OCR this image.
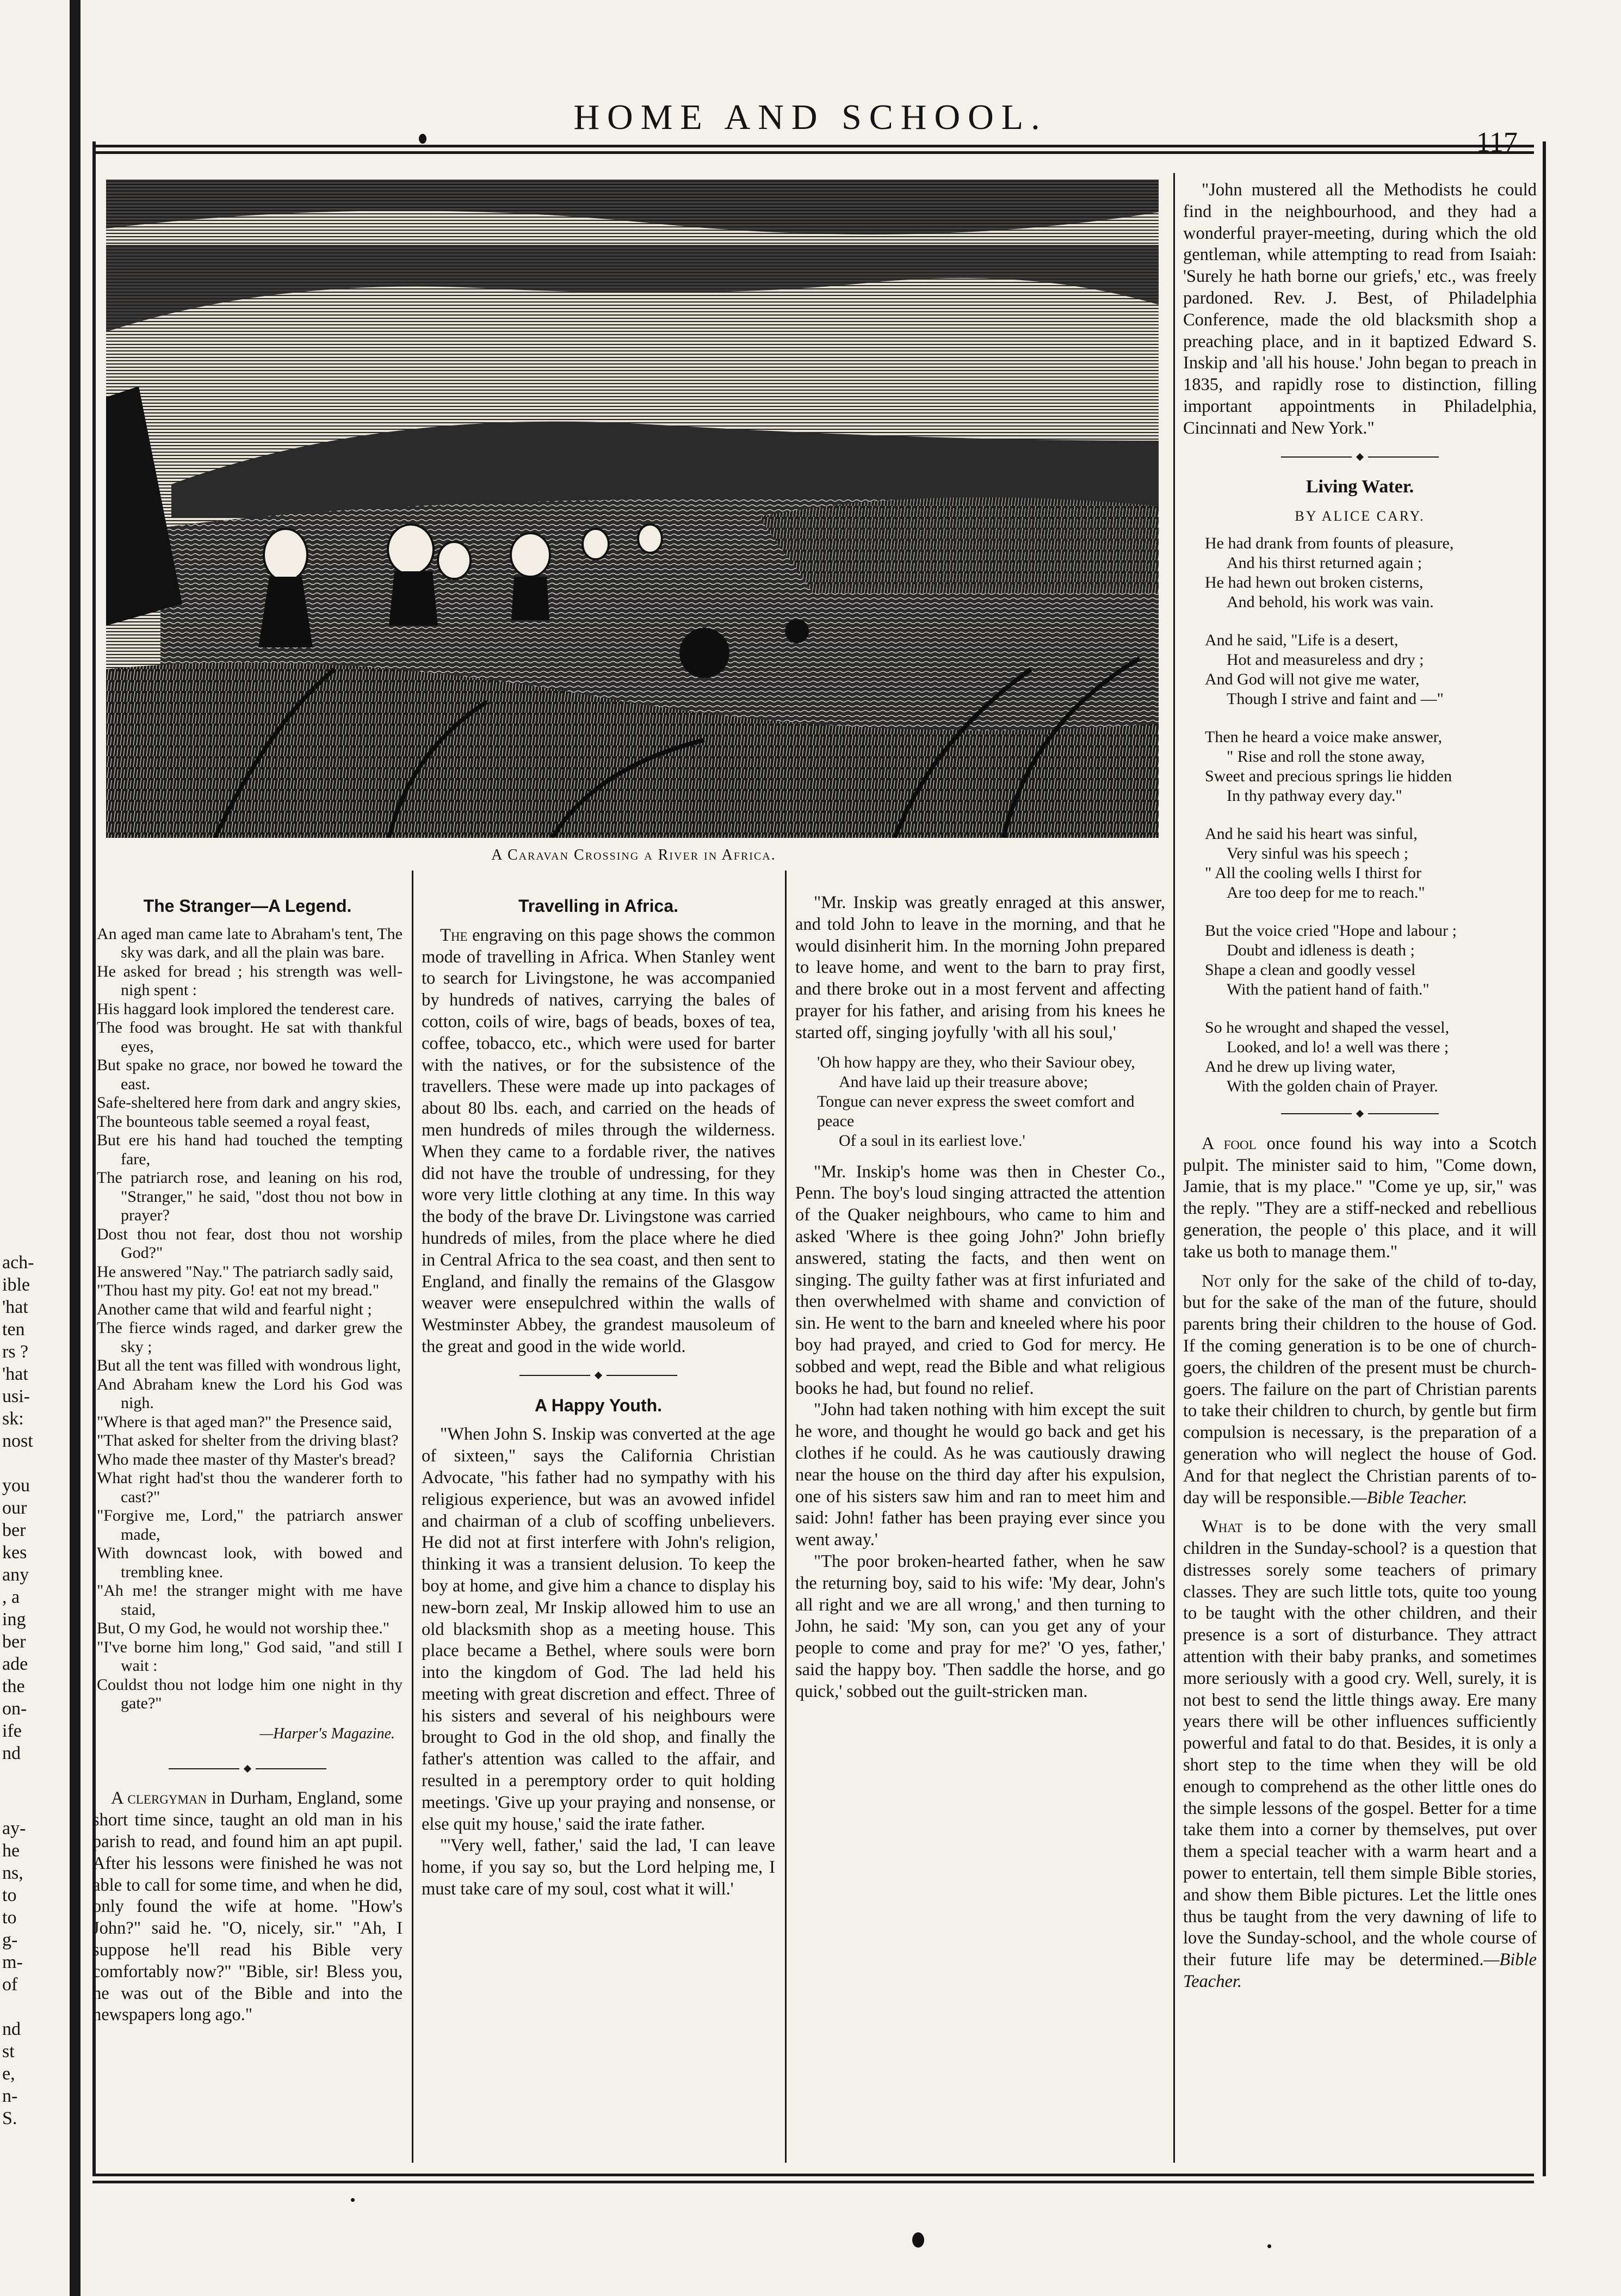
ach-
ible
'hat
ten
rs ?
'hat
usi-
sk:
nost

you
our
ber
kes
any
, a
ing
ber
ade
the
on-
ife
nd
ay-
he
ns,
to
to
g-
m-
of

nd
st
e,
n-
S.
HOME AND SCHOOL.
117
A Caravan Crossing a River in Africa.
The Stranger—A Legend.

An aged man came late to Abraham's tent, The sky was dark, and all the plain was bare.

He asked for bread ; his strength was well-nigh spent :

His haggard look implored the tenderest care.

The food was brought. He sat with thankful eyes,

But spake no grace, nor bowed he toward the east.

Safe-sheltered here from dark and angry skies,

The bounteous table seemed a royal feast,

But ere his hand had touched the tempting fare,

The patriarch rose, and leaning on his rod, "Stranger," he said, "dost thou not bow in prayer?

Dost thou not fear, dost thou not worship God?"

He answered "Nay." The patriarch sadly said,

"Thou hast my pity. Go! eat not my bread."

Another came that wild and fearful night ;

The fierce winds raged, and darker grew the sky ;

But all the tent was filled with wondrous light,

And Abraham knew the Lord his God was nigh.

"Where is that aged man?" the Presence said,

"That asked for shelter from the driving blast?

Who made thee master of thy Master's bread?

What right had'st thou the wanderer forth to cast?"

"Forgive me, Lord," the patriarch answer made,

With downcast look, with bowed and trembling knee.

"Ah me! the stranger might with me have staid,

But, O my God, he would not worship thee."

"I've borne him long," God said, "and still I wait :

Couldst thou not lodge him one night in thy gate?"

—Harper's Magazine.

A clergyman in Durham, England, some short time since, taught an old man in his parish to read, and found him an apt pupil. After his lessons were finished he was not able to call for some time, and when he did, only found the wife at home. "How's John?" said he. "O, nicely, sir." "Ah, I suppose he'll read his Bible very comfortably now?" "Bible, sir! Bless you, he was out of the Bible and into the newspapers long ago."

Travelling in Africa.

The engraving on this page shows the common mode of travelling in Africa. When Stanley went to search for Livingstone, he was accompanied by hundreds of natives, carrying the bales of cotton, coils of wire, bags of beads, boxes of tea, coffee, tobacco, etc., which were used for barter with the natives, or for the subsistence of the travellers. These were made up into packages of about 80 lbs. each, and carried on the heads of men hundreds of miles through the wilderness. When they came to a fordable river, the natives did not have the trouble of undressing, for they wore very little clothing at any time. In this way the body of the brave Dr. Livingstone was carried hundreds of miles, from the place where he died in Central Africa to the sea coast, and then sent to England, and finally the remains of the Glasgow weaver were ensepulchred within the walls of Westminster Abbey, the grandest mausoleum of the great and good in the wide world.

A Happy Youth.

"When John S. Inskip was converted at the age of sixteen," says the California Christian Advocate, "his father had no sympathy with his religious experience, but was an avowed infidel and chairman of a club of scoffing unbelievers. He did not at first interfere with John's religion, thinking it was a transient delusion. To keep the boy at home, and give him a chance to display his new-born zeal, Mr Inskip allowed him to use an old blacksmith shop as a meeting house. This place became a Bethel, where souls were born into the kingdom of God. The lad held his meeting with great discretion and effect. Three of his sisters and several of his neighbours were brought to God in the old shop, and finally the father's attention was called to the affair, and resulted in a peremptory order to quit holding meetings. 'Give up your praying and nonsense, or else quit my house,' said the irate father.

"'Very well, father,' said the lad, 'I can leave home, if you say so, but the Lord helping me, I must take care of my soul, cost what it will.'

"Mr. Inskip was greatly enraged at this answer, and told John to leave in the morning, and that he would disinherit him. In the morning John prepared to leave home, and went to the barn to pray first, and there broke out in a most fervent and affecting prayer for his father, and arising from his knees he started off, singing joyfully 'with all his soul,'

'Oh how happy are they, who their Saviour obey,

And have laid up their treasure above;

Tongue can never express the sweet comfort and peace

Of a soul in its earliest love.'

"Mr. Inskip's home was then in Chester Co., Penn. The boy's loud singing attracted the attention of the Quaker neighbours, who came to him and asked 'Where is thee going John?' John briefly answered, stating the facts, and then went on singing. The guilty father was at first infuriated and then overwhelmed with shame and conviction of sin. He went to the barn and kneeled where his poor boy had prayed, and cried to God for mercy. He sobbed and wept, read the Bible and what religious books he had, but found no relief.

"John had taken nothing with him except the suit he wore, and thought he would go back and get his clothes if he could. As he was cautiously drawing near the house on the third day after his expulsion, one of his sisters saw him and ran to meet him and said: John! father has been praying ever since you went away.'

"The poor broken-hearted father, when he saw the returning boy, said to his wife: 'My dear, John's all right and we are all wrong,' and then turning to John, he said: 'My son, can you get any of your people to come and pray for me?' 'O yes, father,' said the happy boy. 'Then saddle the horse, and go quick,' sobbed out the guilt-stricken man.

"John mustered all the Methodists he could find in the neighbourhood, and they had a wonderful prayer-meeting, during which the old gentleman, while attempting to read from Isaiah: 'Surely he hath borne our griefs,' etc., was freely pardoned. Rev. J. Best, of Philadelphia Conference, made the old blacksmith shop a preaching place, and in it baptized Edward S. Inskip and 'all his house.' John began to preach in 1835, and rapidly rose to distinction, filling important appointments in Philadelphia, Cincinnati and New York."

Living Water.
BY ALICE CARY.

He had drank from founts of pleasure,

And his thirst returned again ;

He had hewn out broken cisterns,

And behold, his work was vain.

And he said, "Life is a desert,

Hot and measureless and dry ;

And God will not give me water,

Though I strive and faint and —"

Then he heard a voice make answer,

" Rise and roll the stone away,

Sweet and precious springs lie hidden

In thy pathway every day."

And he said his heart was sinful,

Very sinful was his speech ;

" All the cooling wells I thirst for

Are too deep for me to reach."

But the voice cried "Hope and labour ;

Doubt and idleness is death ;

Shape a clean and goodly vessel

With the patient hand of faith."

So he wrought and shaped the vessel,

Looked, and lo! a well was there ;

And he drew up living water,

With the golden chain of Prayer.

A fool once found his way into a Scotch pulpit. The minister said to him, "Come down, Jamie, that is my place." "Come ye up, sir," was the reply. "They are a stiff-necked and rebellious generation, the people o' this place, and it will take us both to manage them."

Not only for the sake of the child of to-day, but for the sake of the man of the future, should parents bring their children to the house of God. If the coming generation is to be one of church-goers, the children of the present must be church-goers. The failure on the part of Christian parents to take their children to church, by gentle but firm compulsion is necessary, is the preparation of a generation who will neglect the house of God. And for that neglect the Christian parents of to-day will be responsible.—Bible Teacher.

What is to be done with the very small children in the Sunday-school? is a question that distresses sorely some teachers of primary classes. They are such little tots, quite too young to be taught with the other children, and their presence is a sort of disturbance. They attract attention with their baby pranks, and sometimes more seriously with a good cry. Well, surely, it is not best to send the little things away. Ere many years there will be other influences sufficiently powerful and fatal to do that. Besides, it is only a short step to the time when they will be old enough to comprehend as the other little ones do the simple lessons of the gospel. Better for a time take them into a corner by themselves, put over them a special teacher with a warm heart and a power to entertain, tell them simple Bible stories, and show them Bible pictures. Let the little ones thus be taught from the very dawning of life to love the Sunday-school, and the whole course of their future life may be determined.—Bible Teacher.
